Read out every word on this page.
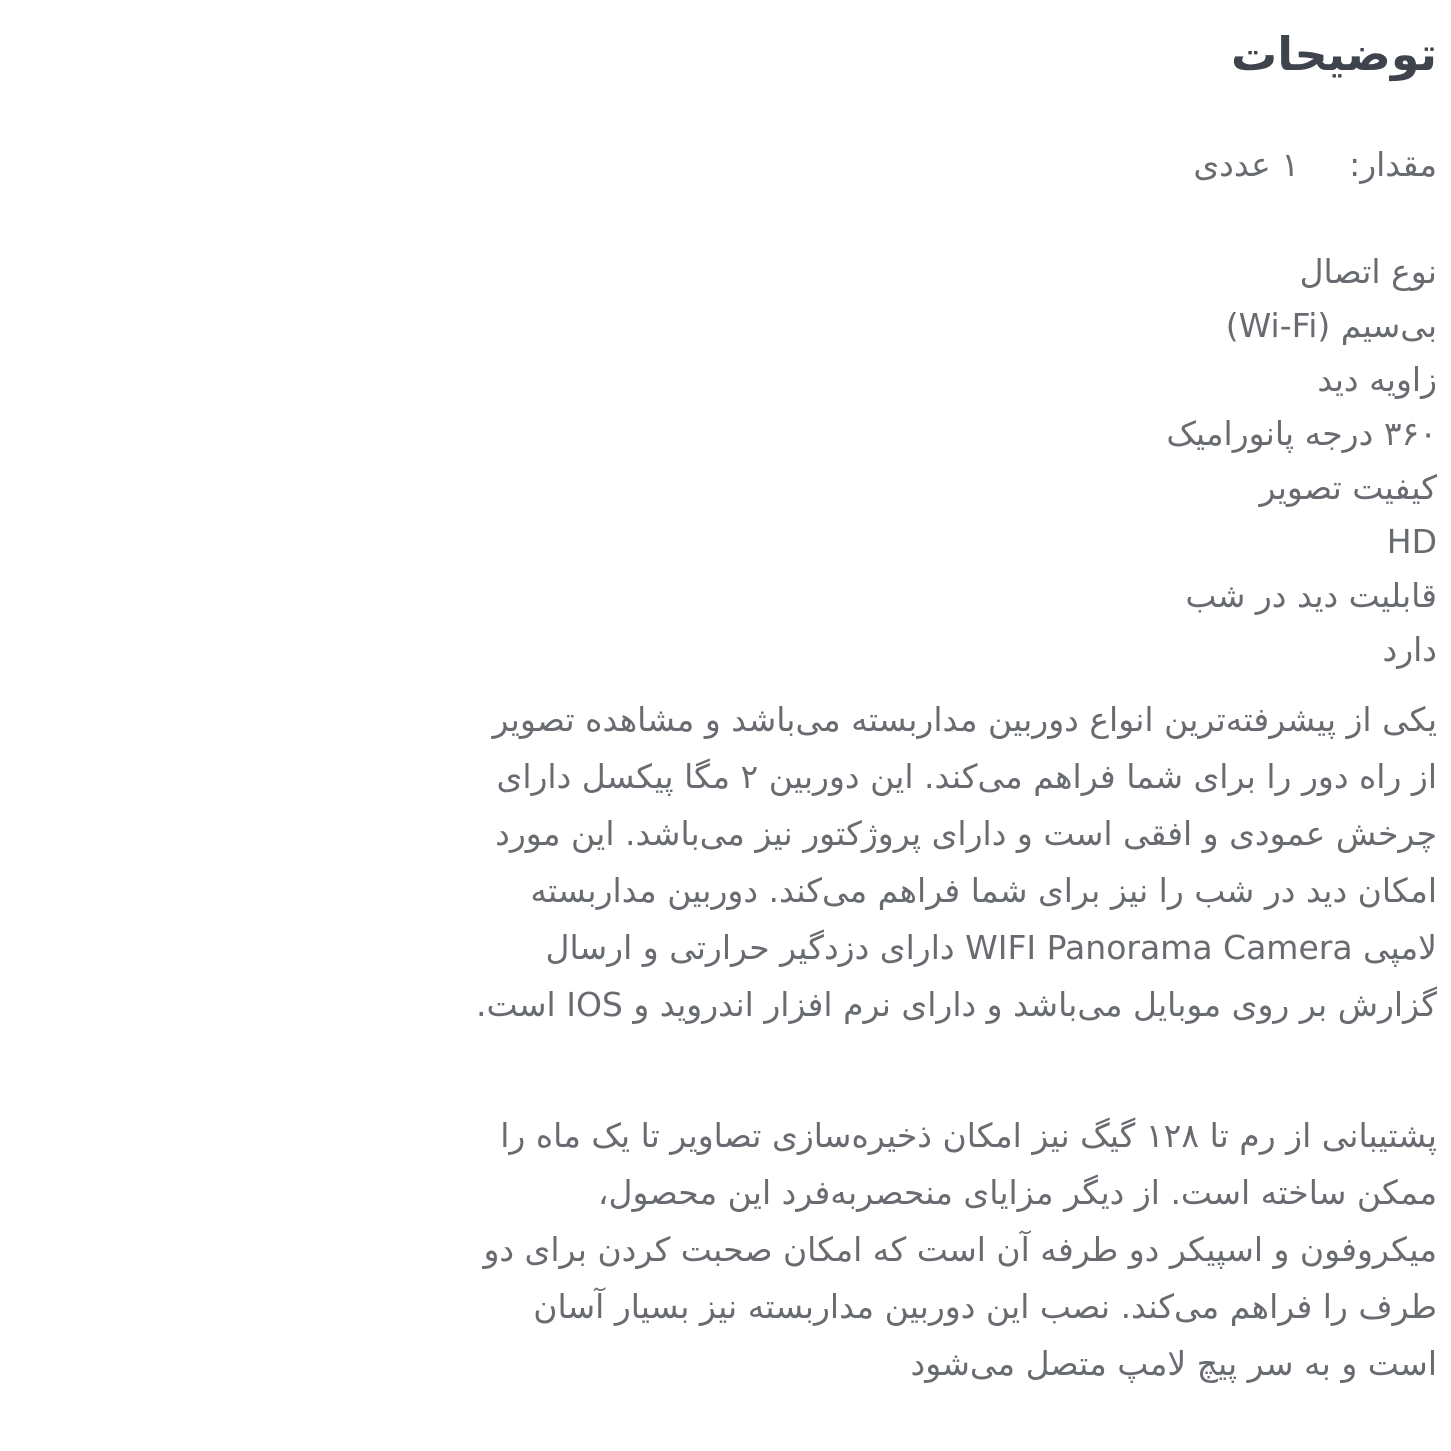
توضیحات
مقدار:
۱ عددی
نوع اتصال
بی‌سیم (Wi-Fi)
زاویه دید
۳۶۰ درجه پانورامیک
کیفیت تصویر
HD
قابلیت دید در شب
دارد

یکی از پیشرفته‌ترین انواع دوربین مداربسته می‌باشد و مشاهده تصویر از راه دور را برای شما فراهم می‌کند. این دوربین ۲ مگا پیکسل دارای چرخش عمودی و افقی است و دارای پروژکتور نیز می‌باشد. این مورد امکان دید در شب را نیز برای شما فراهم می‌کند. دوربین مداربسته لامپی WIFI Panorama Camera دارای دزدگیر حرارتی و ارسال گزارش بر روی موبایل می‌باشد و دارای نرم افزار اندروید و IOS است.

پشتیبانی از رم تا ۱۲۸ گیگ نیز امکان ذخیره‌سازی تصاویر تا یک ماه را ممکن ساخته است. از دیگر مزایای منحصربه‌فرد این محصول، میکروفون و اسپیکر دو طرفه آن است که امکان صحبت کردن برای دو طرف را فراهم می‌کند. نصب این دوربین مداربسته نیز بسیار آسان است و به سر پیچ لامپ متصل می‌شود
